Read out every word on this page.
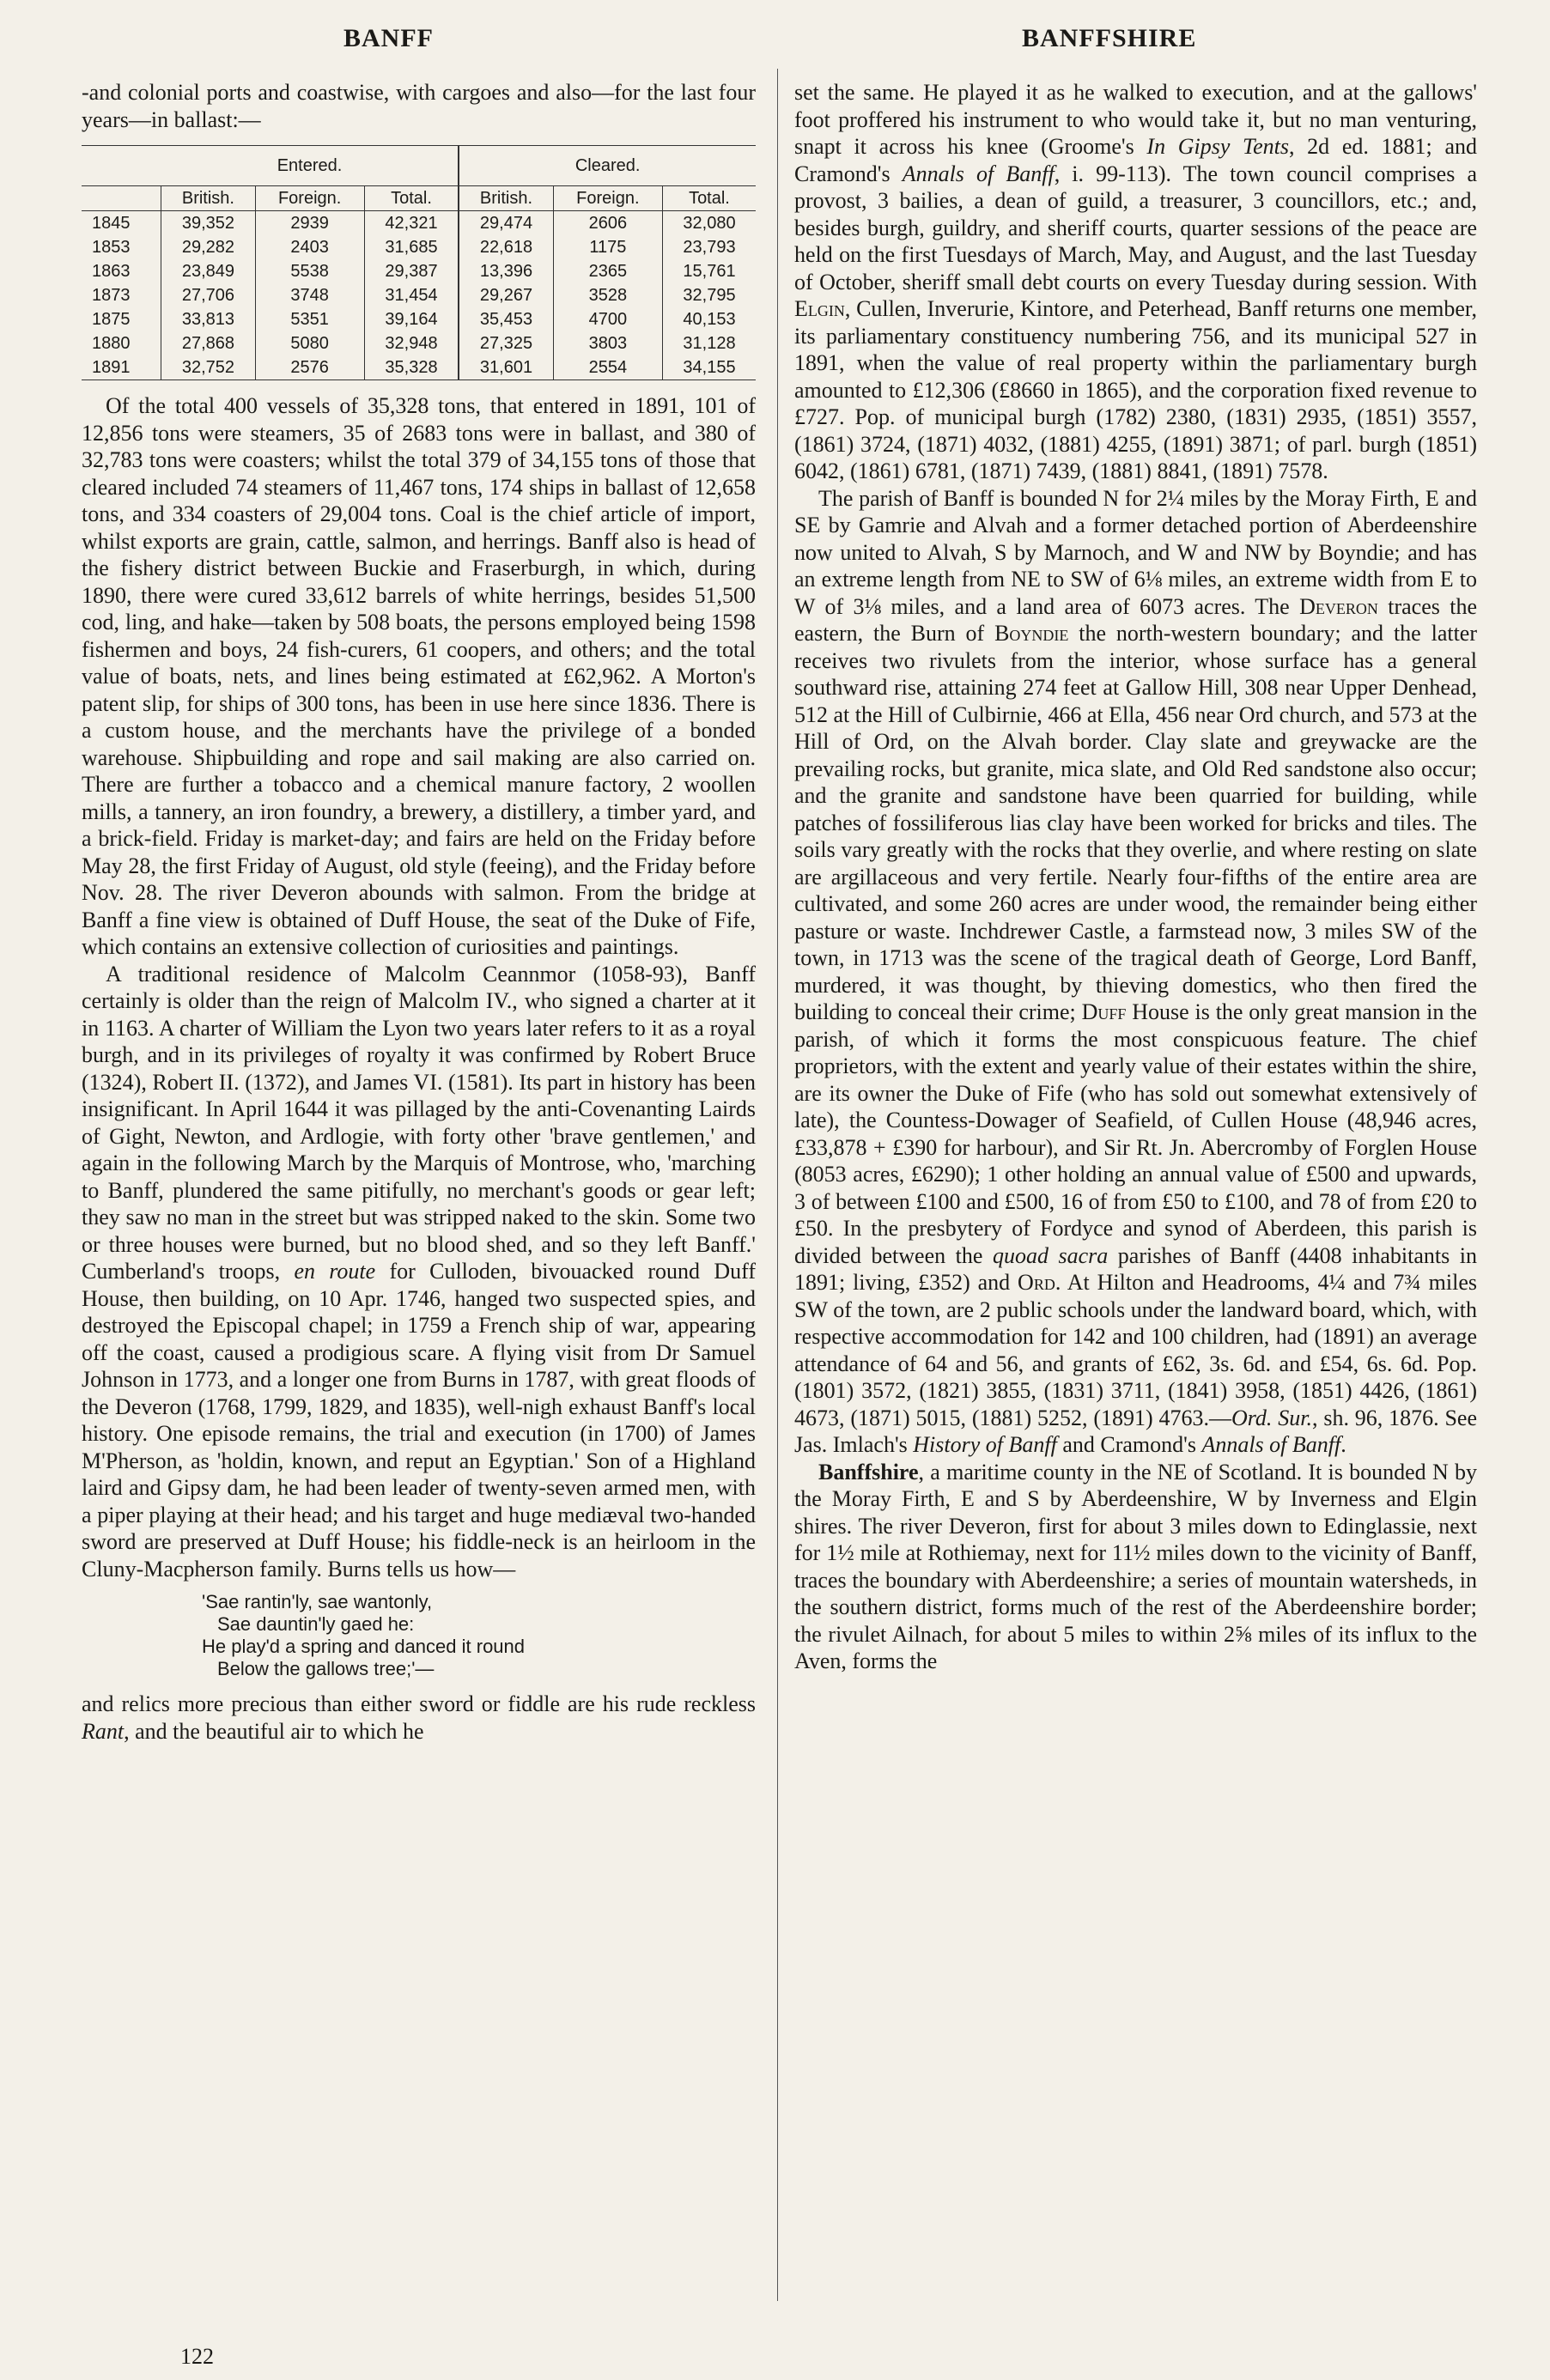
BANFF	BANFFSHIRE

-and colonial ports and coastwise, with cargoes and also—for the last four years—in ballast:—

	Entered.			Cleared.		
	British.	Foreign.	Total.	British.	Foreign.	Total.
1845	39,352	2939	42,321	29,474	2606	32,080
1853	29,282	2403	31,685	22,618	1175	23,793
1863	23,849	5538	29,387	13,396	2365	15,761
1873	27,706	3748	31,454	29,267	3528	32,795
1875	33,813	5351	39,164	35,453	4700	40,153
1880	27,868	5080	32,948	27,325	3803	31,128
1891	32,752	2576	35,328	31,601	2554	34,155

Of the total 400 vessels of 35,328 tons, that entered in 1891, 101 of 12,856 tons were steamers, 35 of 2683 tons were in ballast, and 380 of 32,783 tons were coasters; whilst the total 379 of 34,155 tons of those that cleared included 74 steamers of 11,467 tons, 174 ships in ballast of 12,658 tons, and 334 coasters of 29,004 tons. Coal is the chief article of import, whilst exports are grain, cattle, salmon, and herrings. Banff also is head of the fishery district between Buckie and Fraserburgh, in which, during 1890, there were cured 33,612 barrels of white herrings, besides 51,500 cod, ling, and hake—taken by 508 boats, the persons employed being 1598 fishermen and boys, 24 fish-curers, 61 coopers, and others; and the total value of boats, nets, and lines being estimated at £62,962. A Morton's patent slip, for ships of 300 tons, has been in use here since 1836. There is a custom house, and the merchants have the privilege of a bonded warehouse. Shipbuilding and rope and sail making are also carried on. There are further a tobacco and a chemical manure factory, 2 woollen mills, a tannery, an iron foundry, a brewery, a distillery, a timber yard, and a brick-field. Friday is market-day; and fairs are held on the Friday before May 28, the first Friday of August, old style (feeing), and the Friday before Nov. 28. The river Deveron abounds with salmon. From the bridge at Banff a fine view is obtained of Duff House, the seat of the Duke of Fife, which contains an extensive collection of curiosities and paintings.

A traditional residence of Malcolm Ceannmor (1058-93), Banff certainly is older than the reign of Malcolm IV., who signed a charter at it in 1163. A charter of William the Lyon two years later refers to it as a royal burgh, and in its privileges of royalty it was confirmed by Robert Bruce (1324), Robert II. (1372), and James VI. (1581). Its part in history has been insignificant. In April 1644 it was pillaged by the anti-Covenanting Lairds of Gight, Newton, and Ardlogie, with forty other 'brave gentlemen,' and again in the following March by the Marquis of Montrose, who, 'marching to Banff, plundered the same pitifully, no merchant's goods or gear left; they saw no man in the street but was stripped naked to the skin. Some two or three houses were burned, but no blood shed, and so they left Banff.' Cumberland's troops, en route for Culloden, bivouacked round Duff House, then building, on 10 Apr. 1746, hanged two suspected spies, and destroyed the Episcopal chapel; in 1759 a French ship of war, appearing off the coast, caused a prodigious scare. A flying visit from Dr Samuel Johnson in 1773, and a longer one from Burns in 1787, with great floods of the Deveron (1768, 1799, 1829, and 1835), well-nigh exhaust Banff's local history. One episode remains, the trial and execution (in 1700) of James M'Pherson, as 'holdin, known, and reput an Egyptian.' Son of a Highland laird and Gipsy dam, he had been leader of twenty-seven armed men, with a piper playing at their head; and his target and huge mediæval two-handed sword are preserved at Duff House; his fiddle-neck is an heirloom in the Cluny-Macpherson family. Burns tells us how—

'Sae rantin'ly, sae wantonly,
Sae dauntin'ly gaed he:
He play'd a spring and danced it round
Below the gallows tree;'—

and relics more precious than either sword or fiddle are his rude reckless Rant, and the beautiful air to which he

122

set the same. He played it as he walked to execution, and at the gallows' foot proffered his instrument to who would take it, but no man venturing, snapt it across his knee (Groome's In Gipsy Tents, 2d ed. 1881; and Cramond's Annals of Banff, i. 99-113). The town council comprises a provost, 3 bailies, a dean of guild, a treasurer, 3 councillors, etc.; and, besides burgh, guildry, and sheriff courts, quarter sessions of the peace are held on the first Tuesdays of March, May, and August, and the last Tuesday of October, sheriff small debt courts on every Tuesday during session. With Elgin, Cullen, Inverurie, Kintore, and Peterhead, Banff returns one member, its parliamentary constituency numbering 756, and its municipal 527 in 1891, when the value of real property within the parliamentary burgh amounted to £12,306 (£8660 in 1865), and the corporation fixed revenue to £727. Pop. of municipal burgh (1782) 2380, (1831) 2935, (1851) 3557, (1861) 3724, (1871) 4032, (1881) 4255, (1891) 3871; of parl. burgh (1851) 6042, (1861) 6781, (1871) 7439, (1881) 8841, (1891) 7578.

The parish of Banff is bounded N for 2¼ miles by the Moray Firth, E and SE by Gamrie and Alvah and a former detached portion of Aberdeenshire now united to Alvah, S by Marnoch, and W and NW by Boyndie; and has an extreme length from NE to SW of 6⅛ miles, an extreme width from E to W of 3⅛ miles, and a land area of 6073 acres. The Deveron traces the eastern, the Burn of Boyndie the north-western boundary; and the latter receives two rivulets from the interior, whose surface has a general southward rise, attaining 274 feet at Gallow Hill, 308 near Upper Denhead, 512 at the Hill of Culbirnie, 466 at Ella, 456 near Ord church, and 573 at the Hill of Ord, on the Alvah border. Clay slate and greywacke are the prevailing rocks, but granite, mica slate, and Old Red sandstone also occur; and the granite and sandstone have been quarried for building, while patches of fossiliferous lias clay have been worked for bricks and tiles. The soils vary greatly with the rocks that they overlie, and where resting on slate are argillaceous and very fertile. Nearly four-fifths of the entire area are cultivated, and some 260 acres are under wood, the remainder being either pasture or waste. Inchdrewer Castle, a farmstead now, 3 miles SW of the town, in 1713 was the scene of the tragical death of George, Lord Banff, murdered, it was thought, by thieving domestics, who then fired the building to conceal their crime; Duff House is the only great mansion in the parish, of which it forms the most conspicuous feature. The chief proprietors, with the extent and yearly value of their estates within the shire, are its owner the Duke of Fife (who has sold out somewhat extensively of late), the Countess-Dowager of Seafield, of Cullen House (48,946 acres, £33,878 + £390 for harbour), and Sir Rt. Jn. Abercromby of Forglen House (8053 acres, £6290); 1 other holding an annual value of £500 and upwards, 3 of between £100 and £500, 16 of from £50 to £100, and 78 of from £20 to £50. In the presbytery of Fordyce and synod of Aberdeen, this parish is divided between the quoad sacra parishes of Banff (4408 inhabitants in 1891; living, £352) and Ord. At Hilton and Headrooms, 4¼ and 7¾ miles SW of the town, are 2 public schools under the landward board, which, with respective accommodation for 142 and 100 children, had (1891) an average attendance of 64 and 56, and grants of £62, 3s. 6d. and £54, 6s. 6d. Pop. (1801) 3572, (1821) 3855, (1831) 3711, (1841) 3958, (1851) 4426, (1861) 4673, (1871) 5015, (1881) 5252, (1891) 4763.—Ord. Sur., sh. 96, 1876. See Jas. Imlach's History of Banff and Cramond's Annals of Banff.

Banffshire, a maritime county in the NE of Scotland. It is bounded N by the Moray Firth, E and S by Aberdeenshire, W by Inverness and Elgin shires. The river Deveron, first for about 3 miles down to Edinglassie, next for 1½ mile at Rothiemay, next for 11½ miles down to the vicinity of Banff, traces the boundary with Aberdeenshire; a series of mountain watersheds, in the southern district, forms much of the rest of the Aberdeenshire border; the rivulet Ailnach, for about 5 miles to within 2⅝ miles of its influx to the Aven, forms the
